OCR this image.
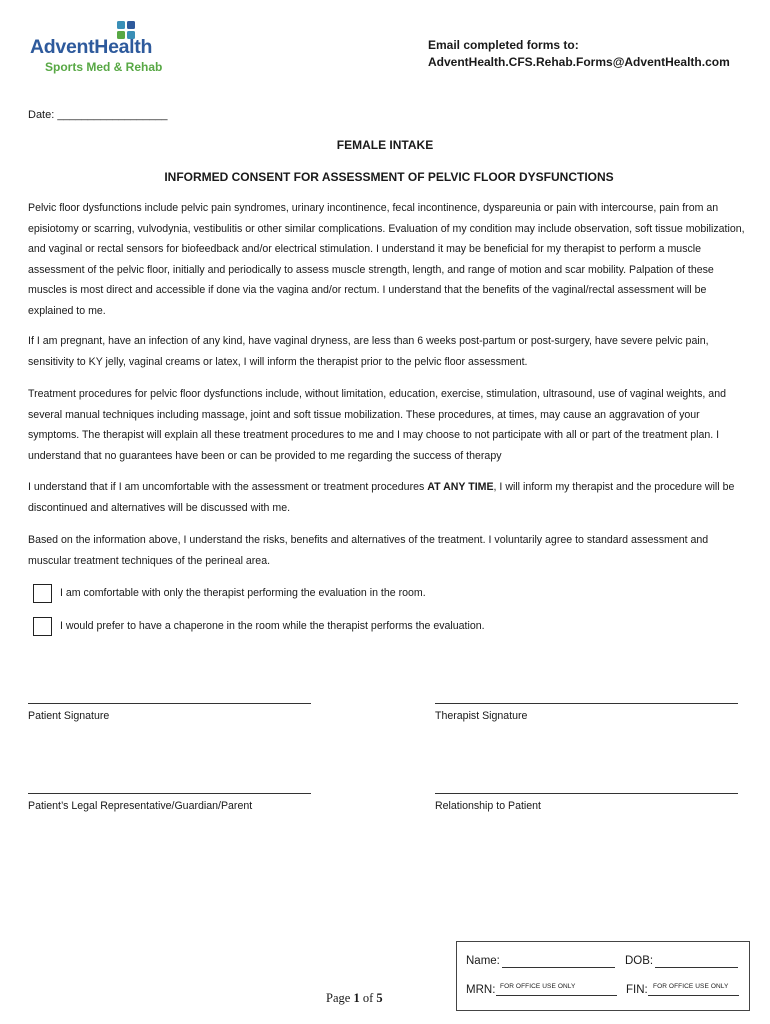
AdventHealth
Sports Med & Rehab
Email completed forms to:
AdventHealth.CFS.Rehab.Forms@AdventHealth.com
Date: __________________
FEMALE INTAKE
INFORMED CONSENT FOR ASSESSMENT OF PELVIC FLOOR DYSFUNCTIONS

Pelvic floor dysfunctions include pelvic pain syndromes, urinary incontinence, fecal incontinence, dyspareunia or pain with intercourse, pain from an episiotomy or scarring, vulvodynia, vestibulitis or other similar complications. Evaluation of my condition may include observation, soft tissue mobilization, and vaginal or rectal sensors for biofeedback and/or electrical stimulation. I understand it may be beneficial for my therapist to perform a muscle assessment of the pelvic floor, initially and periodically to assess muscle strength, length, and range of motion and scar mobility. Palpation of these muscles is most direct and accessible if done via the vagina and/or rectum. I understand that the benefits of the vaginal/rectal assessment will be explained to me.

If I am pregnant, have an infection of any kind, have vaginal dryness, are less than 6 weeks post-partum or post-surgery, have severe pelvic pain, sensitivity to KY jelly, vaginal creams or latex, I will inform the therapist prior to the pelvic floor assessment.

Treatment procedures for pelvic floor dysfunctions include, without limitation, education, exercise, stimulation, ultrasound, use of vaginal weights, and several manual techniques including massage, joint and soft tissue mobilization. These procedures, at times, may cause an aggravation of your symptoms. The therapist will explain all these treatment procedures to me and I may choose to not participate with all or part of the treatment plan. I understand that no guarantees have been or can be provided to me regarding the success of therapy

I understand that if I am uncomfortable with the assessment or treatment procedures AT ANY TIME, I will inform my therapist and the procedure will be discontinued and alternatives will be discussed with me.

Based on the information above, I understand the risks, benefits and alternatives of the treatment. I voluntarily agree to standard assessment and muscular treatment techniques of the perineal area.

I am comfortable with only the therapist performing the evaluation in the room.
I would prefer to have a chaperone in the room while the therapist performs the evaluation.
Patient Signature	Therapist Signature
Patient’s Legal Representative/Guardian/Parent	Relationship to Patient
Name:	DOB:
MRN: FOR OFFICE USE ONLY	FIN: FOR OFFICE USE ONLY
Page 1 of 5
